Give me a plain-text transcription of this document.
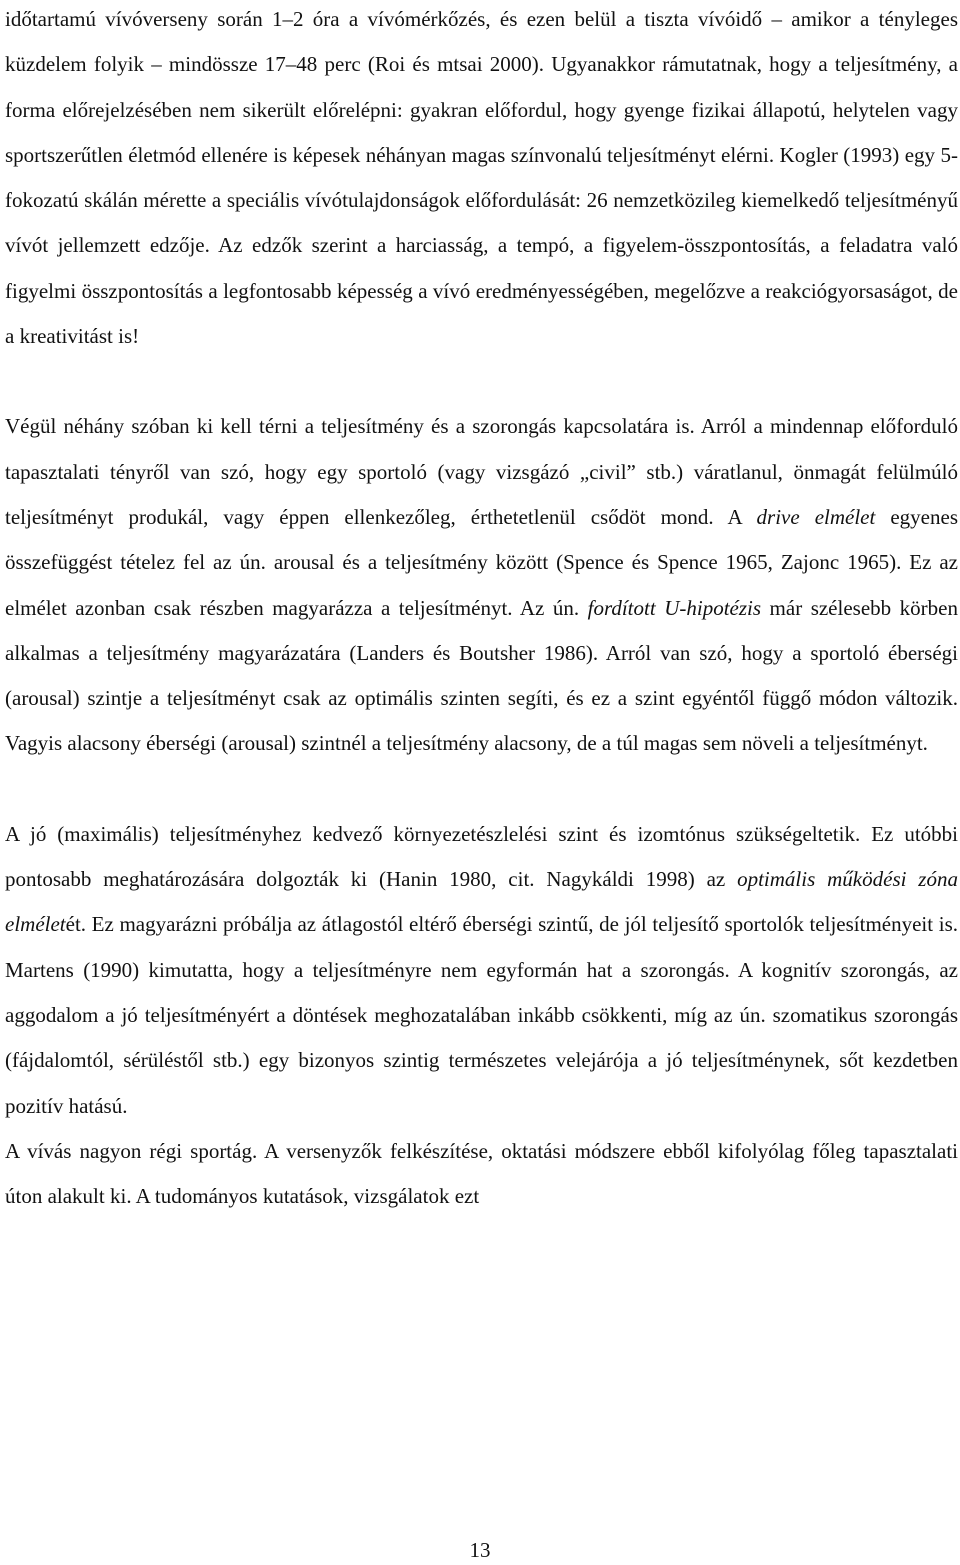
időtartamú vívóverseny során 1–2 óra a vívómérkőzés, és ezen belül a tiszta vívóidő – amikor a tényleges küzdelem folyik – mindössze 17–48 perc (Roi és mtsai 2000). Ugyanakkor rámutatnak, hogy a teljesítmény, a forma előrejelzésében nem sikerült előrelépni: gyakran előfordul, hogy gyenge fizikai állapotú, helytelen vagy sportszerűtlen életmód ellenére is képesek néhányan magas színvonalú teljesítményt elérni. Kogler (1993) egy 5-fokozatú skálán mérette a speciális vívótulajdonságok előfordulását: 26 nemzetközileg kiemelkedő teljesítményű vívót jellemzett edzője. Az edzők szerint a harciasság, a tempó, a figyelem-összpontosítás, a feladatra való figyelmi összpontosítás a legfontosabb képesség a vívó eredményességében, megelőzve a reakciógyorsaságot, de a kreativitást is!

Végül néhány szóban ki kell térni a teljesítmény és a szorongás kapcsolatára is. Arról a mindennap előforduló tapasztalati tényről van szó, hogy egy sportoló (vagy vizsgázó „civil” stb.) váratlanul, önmagát felülmúló teljesítményt produkál, vagy éppen ellenkezőleg, érthetetlenül csődöt mond. A drive elmélet egyenes összefüggést tételez fel az ún. arousal és a teljesítmény között (Spence és Spence 1965, Zajonc 1965). Ez az elmélet azonban csak részben magyarázza a teljesítményt. Az ún. fordított U-hipotézis már szélesebb körben alkalmas a teljesítmény magyarázatára (Landers és Boutsher 1986). Arról van szó, hogy a sportoló éberségi (arousal) szintje a teljesítményt csak az optimális szinten segíti, és ez a szint egyéntől függő módon változik. Vagyis alacsony éberségi (arousal) szintnél a teljesítmény alacsony, de a túl magas sem növeli a teljesítményt.

A jó (maximális) teljesítményhez kedvező környezetészlelési szint és izomtónus szükségeltetik. Ez utóbbi pontosabb meghatározására dolgozták ki (Hanin 1980, cit. Nagykáldi 1998) az optimális működési zóna elméletét. Ez magyarázni próbálja az átlagostól eltérő éberségi szintű, de jól teljesítő sportolók teljesítményeit is. Martens (1990) kimutatta, hogy a teljesítményre nem egyformán hat a szorongás. A kognitív szorongás, az aggodalom a jó teljesítményért a döntések meghozatalában inkább csökkenti, míg az ún. szomatikus szorongás (fájdalomtól, sérüléstől stb.) egy bizonyos szintig természetes velejárója a jó teljesítménynek, sőt kezdetben pozitív hatású.

A vívás nagyon régi sportág. A versenyzők felkészítése, oktatási módszere ebből kifolyólag főleg tapasztalati úton alakult ki. A tudományos kutatások, vizsgálatok ezt

13
